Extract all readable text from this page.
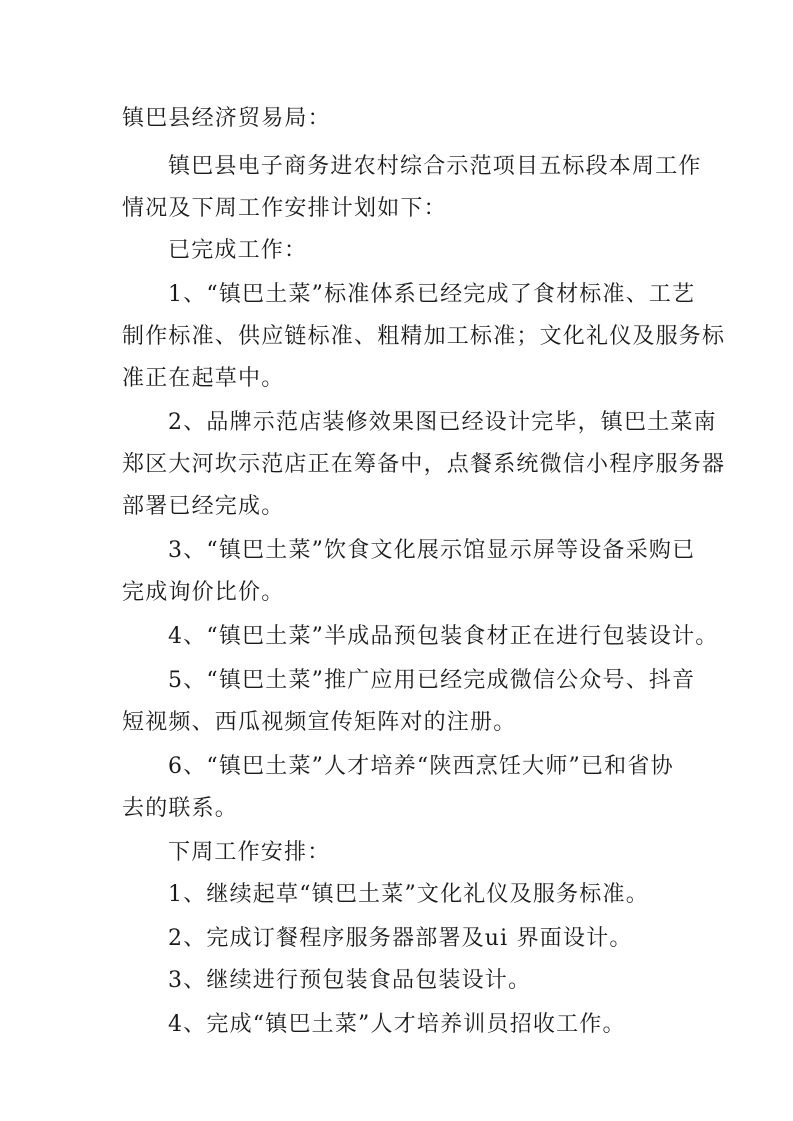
镇巴县经济贸易局：
镇巴县电子商务进农村综合示范项目五标段本周工作
情况及下周工作安排计划如下：
已完成工作：
1、“镇巴土菜”标准体系已经完成了食材标准、工艺
制作标准、供应链标准、粗精加工标准；文化礼仪及服务标
准正在起草中。
2、品牌示范店装修效果图已经设计完毕，镇巴土菜南
郑区大河坎示范店正在筹备中，点餐系统微信小程序服务器
部署已经完成。
3、“镇巴土菜”饮食文化展示馆显示屏等设备采购已
完成询价比价。
4、“镇巴土菜”半成品预包装食材正在进行包装设计。
5、“镇巴土菜”推广应用已经完成微信公众号、抖音
短视频、西瓜视频宣传矩阵对的注册。
6、“镇巴土菜”人才培养“陕西烹饪大师”已和省协
去的联系。
下周工作安排：
1、继续起草“镇巴土菜”文化礼仪及服务标准。
2、完成订餐程序服务器部署及ui 界面设计。
3、继续进行预包装食品包装设计。
4、完成“镇巴土菜”人才培养训员招收工作。
